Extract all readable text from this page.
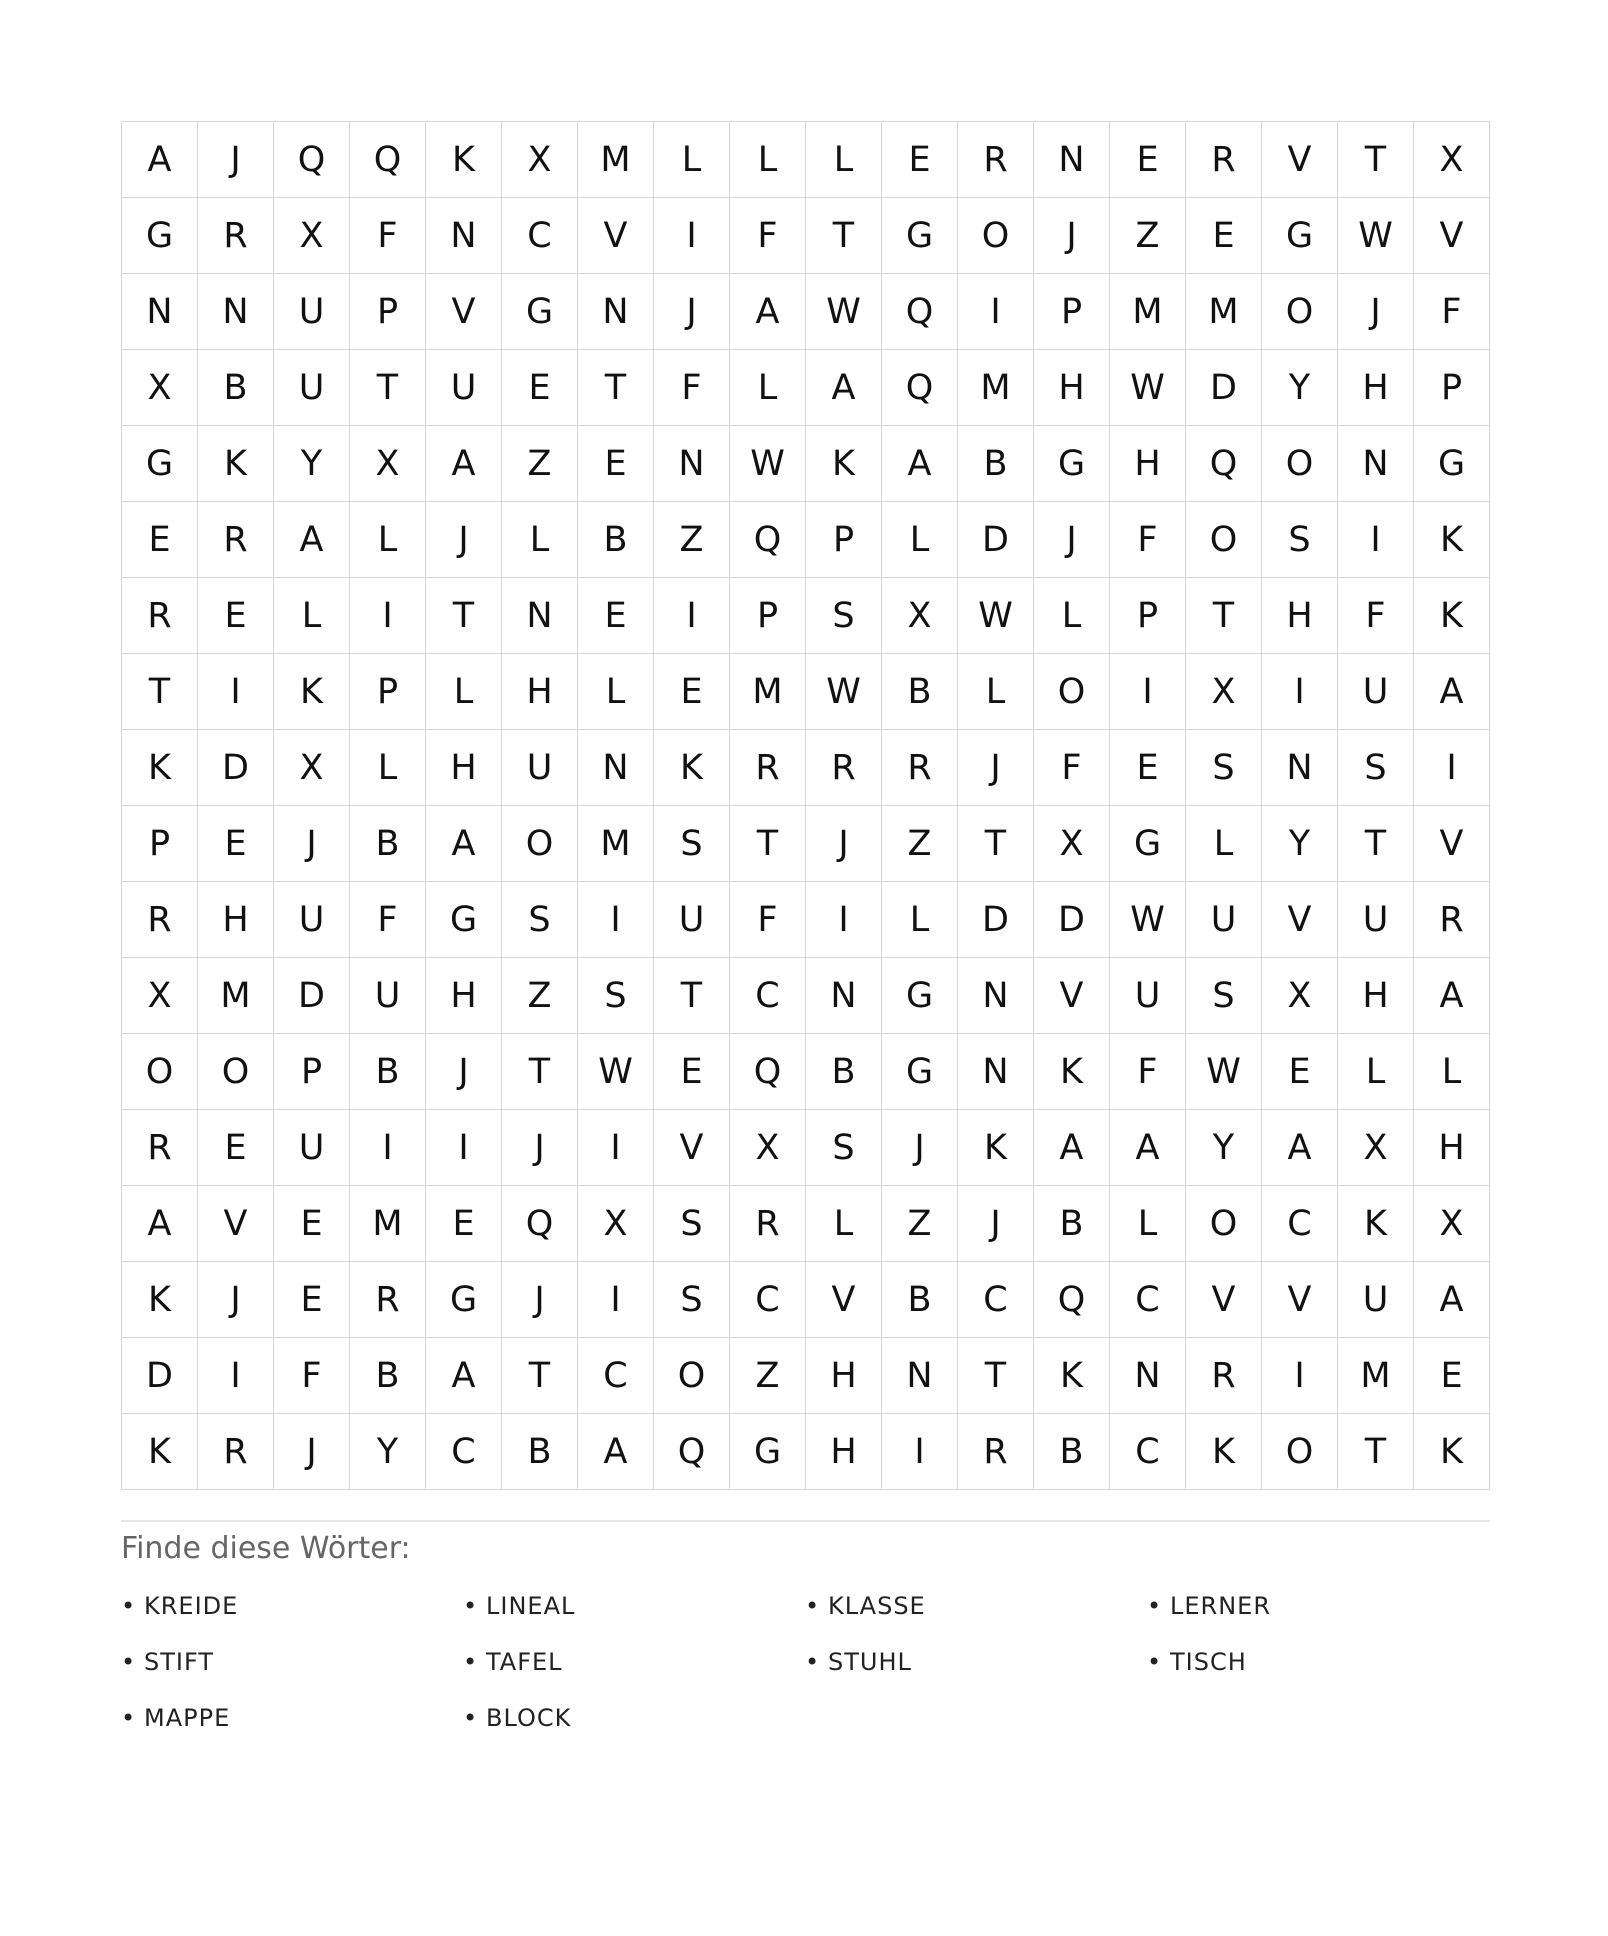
A	J	Q	Q	K	X	M	L	L	L	E	R	N	E	R	V	T	X
G	R	X	F	N	C	V	I	F	T	G	O	J	Z	E	G	W	V
N	N	U	P	V	G	N	J	A	W	Q	I	P	M	M	O	J	F
X	B	U	T	U	E	T	F	L	A	Q	M	H	W	D	Y	H	P
G	K	Y	X	A	Z	E	N	W	K	A	B	G	H	Q	O	N	G
E	R	A	L	J	L	B	Z	Q	P	L	D	J	F	O	S	I	K
R	E	L	I	T	N	E	I	P	S	X	W	L	P	T	H	F	K
T	I	K	P	L	H	L	E	M	W	B	L	O	I	X	I	U	A
K	D	X	L	H	U	N	K	R	R	R	J	F	E	S	N	S	I
P	E	J	B	A	O	M	S	T	J	Z	T	X	G	L	Y	T	V
R	H	U	F	G	S	I	U	F	I	L	D	D	W	U	V	U	R
X	M	D	U	H	Z	S	T	C	N	G	N	V	U	S	X	H	A
O	O	P	B	J	T	W	E	Q	B	G	N	K	F	W	E	L	L
R	E	U	I	I	J	I	V	X	S	J	K	A	A	Y	A	X	H
A	V	E	M	E	Q	X	S	R	L	Z	J	B	L	O	C	K	X
K	J	E	R	G	J	I	S	C	V	B	C	Q	C	V	V	U	A
D	I	F	B	A	T	C	O	Z	H	N	T	K	N	R	I	M	E
K	R	J	Y	C	B	A	Q	G	H	I	R	B	C	K	O	T	K
Finde diese Wörter:
• KREIDE	• LINEAL	• KLASSE	• LERNER
• STIFT	• TAFEL	• STUHL	• TISCH
• MAPPE	• BLOCK
